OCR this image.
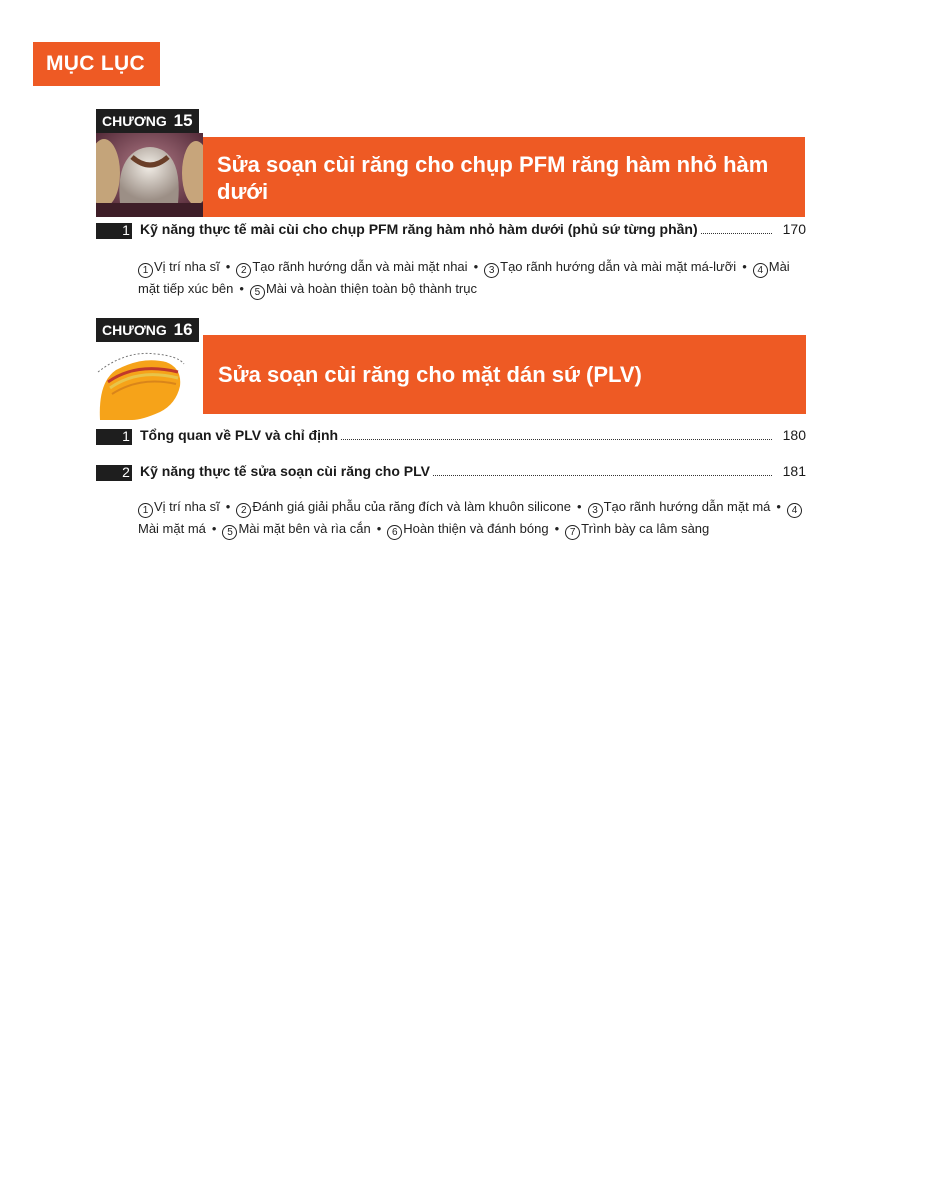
MỤC LỤC
CHƯƠNG 15
Sửa soạn cùi răng cho chụp PFM răng hàm nhỏ hàm dưới
1 Kỹ năng thực tế mài cùi cho chụp PFM răng hàm nhỏ hàm dưới (phủ sứ từng phần)	170
1 Vị trí nha sĩ • 2 Tạo rãnh hướng dẫn và mài mặt nhai • 3 Tạo rãnh hướng dẫn và mài mặt má-lưỡi • 4 Mài mặt tiếp xúc bên • 5 Mài và hoàn thiện toàn bộ thành trục
CHƯƠNG 16
Sửa soạn cùi răng cho mặt dán sứ (PLV)
1 Tổng quan về PLV và chỉ định	180
2 Kỹ năng thực tế sửa soạn cùi răng cho PLV	181
1 Vị trí nha sĩ • 2 Đánh giá giải phẫu của răng đích và làm khuôn silicone • 3 Tạo rãnh hướng dẫn mặt má • 4Mài mặt má • 5 Mài mặt bên và rìa cắn • 6 Hoàn thiện và đánh bóng • 7 Trình bày ca lâm sàng
